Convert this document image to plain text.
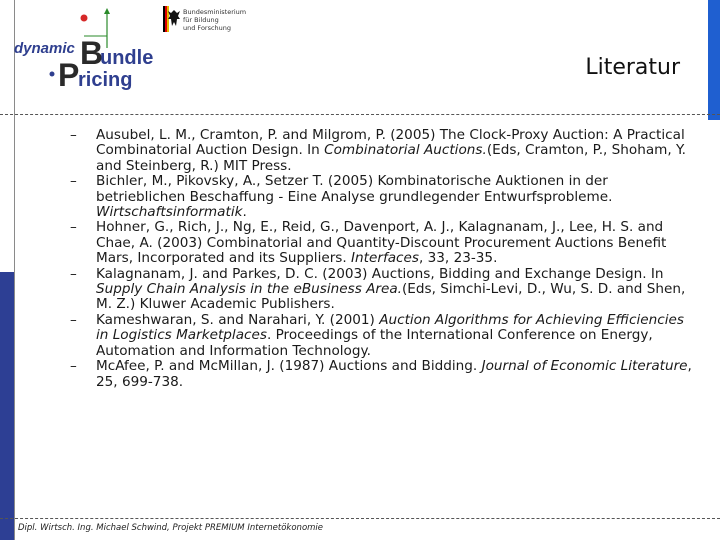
dynamic B
undle
P
ricing
Bundesministerium
für Bildung
und Forschung
Literatur
– Ausubel, L. M., Cramton, P. and Milgrom, P. (2005) The Clock-Proxy Auction: A Practical Combinatorial Auction Design. In Combinatorial Auctions.(Eds, Cramton, P., Shoham, Y. and Steinberg, R.) MIT Press.
– Bichler, M., Pikovsky, A., Setzer T. (2005) Kombinatorische Auktionen in der betrieblichen Beschaffung - Eine Analyse grundlegender Entwurfsprobleme. Wirtschaftsinformatik.
– Hohner, G., Rich, J., Ng, E., Reid, G., Davenport, A. J., Kalagnanam, J., Lee, H. S. and Chae, A. (2003) Combinatorial and Quantity-Discount Procurement Auctions Benefit Mars, Incorporated and its Suppliers. Interfaces, 33, 23-35.
– Kalagnanam, J. and Parkes, D. C. (2003) Auctions, Bidding and Exchange Design. In Supply Chain Analysis in the eBusiness Area.(Eds, Simchi-Levi, D., Wu, S. D. and Shen, M. Z.) Kluwer Academic Publishers.
– Kameshwaran, S. and Narahari, Y. (2001) Auction Algorithms for Achieving Efficiencies in Logistics Marketplaces. Proceedings of the International Conference on Energy, Automation and Information Technology.
– McAfee, P. and McMillan, J. (1987) Auctions and Bidding. Journal of Economic Literature, 25, 699-738.
Dipl. Wirtsch. Ing. Michael Schwind, Projekt PREMIUM Internetökonomie
